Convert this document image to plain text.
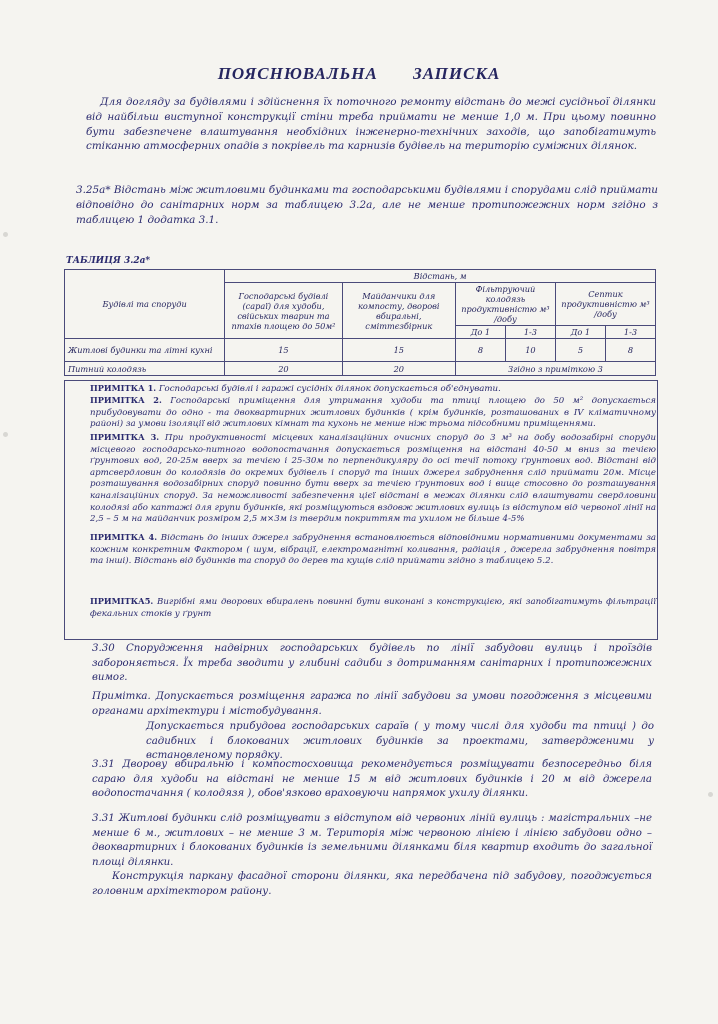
ПОЯСНЮВАЛЬНА ЗАПИСКА

Для догляду за будівлями і здійснення їх поточного ремонту відстань до межі сусідньої ділянки від найбільш виступної конструкції стіни треба приймати не менше 1,0 м. При цьому повинно бути забезпечене влаштування необхідних інженерно-технічних заходів, що запобігатимуть стіканню атмосферних опадів з покрівель та карнизів будівель на територію суміжних ділянок.

3.25а* Відстань між житловими будинками та господарськими будівлями і спорудами слід приймати відповідно до санітарних норм за таблицею 3.2а, але не менше протипожежних норм згідно з таблицею 1 додатка 3.1.

ТАБЛИЦЯ 3.2а*
Будівлі та споруди	Відстань, м					
	Господарські будівлі (сараї) для худоби, свійських тварин та птахів площею до 50м²	Майданчики для компосту, дворові вбиральні, сміттєзбірник	Фільтруючий колодязь продуктивністю м³ /добу		Септик продуктивністю м³ /добу	
			До 1	1-3	До 1	1-3
Житлові будинки та літні кухні	15	15	8	10	5	8
Питний колодязь	20	20	Згідно з приміткою 3			
ПРИМІТКА 1. Господарські будівлі і гаражі сусідніх ділянок допускається об'єднувати.
ПРИМІТКА 2. Господарські приміщення для утримання худоби та птиці площею до 50 м² допускається прибудовувати до одно - та двоквартирних житлових будинків ( крім будинків, розташованих в ІV кліматичному районі) за умови ізоляції від житлових кімнат та кухонь не менше ніж трьома підсобними приміщеннями.
ПРИМІТКА 3. При продуктивності місцевих каналізаційних очисних споруд до 3 м³ на добу водозабірні споруди місцевого господарсько-питного водопостачання допускається розміщення на відстані 40-50 м вниз за течією ґрунтових вод, 20-25м вверх за течією і 25-30м по перпендикуляру до осі течії потоку ґрунтових вод. Відстані від артсвердловин до колодязів до окремих будівель і споруд та інших джерел забруднення слід приймати 20м. Місце розташування водозабірних споруд повинно бути вверх за течією ґрунтових вод і вище стосовно до розташування каналізаційних споруд. За неможливості забезпечення цієї відстані в межах ділянки слід влаштувати свердловини колодязі або каптажі для групи будинків, які розміщуються вздовж житлових вулиць із відступом від червоної лінії на 2,5 – 5 м на майданчик розміром 2,5 м×3м із твердим покриттям та ухилом не більше 4-5%
ПРИМІТКА 4. Відстань до інших джерел забруднення встановлюється відповідними нормативними документами за кожним конкретним Фактором ( шум, вібрації, електромагнітні коливання, радіація , джерела забруднення повітря та інші). Відстань від будинків та споруд до дерев та кущів слід приймати згідно з таблицею 5.2.
ПРИМІТКА5. Вигрібні ями дворових вбиралень повинні бути виконані з конструкцією, які запобігатимуть фільтрації фекальних стоків у ґрунт
3.30 Спорудження надвірних господарських будівель по лінії забудови вулиць і проїздів забороняється. Їх треба зводити у глибині садиби з дотриманням санітарних і протипожежних вимог.
Примітка. Допускається розміщення гаража по лінії забудови за умови погодження з місцевими органами архітектури і містобудування.
Допускається прибудова господарських сараїв ( у тому числі для худоби та птиці ) до садибних і блокованих житлових будинків за проектами, затвердженими у встановленому порядку.
3.31 Дворову вбиральню і компостосховища рекомендується розміщувати безпосередньо біля сараю для худоби на відстані не менше 15 м від житлових будинків і 20 м від джерела водопостачання ( колодязя ), обов'язково враховуючи напрямок ухилу ділянки.
3.31 Житлові будинки слід розміщувати з відступом від червоних ліній вулиць : магістральних –не менше 6 м., житлових – не менше 3 м. Територія між червоною лінією і лінією забудови одно – двоквартирних і блокованих будинків із земельними ділянками біля квартир входить до загальної площі ділянки.
Конструкція паркану фасадної сторони ділянки, яка передбачена під забудову, погоджується головним архітектором району.
